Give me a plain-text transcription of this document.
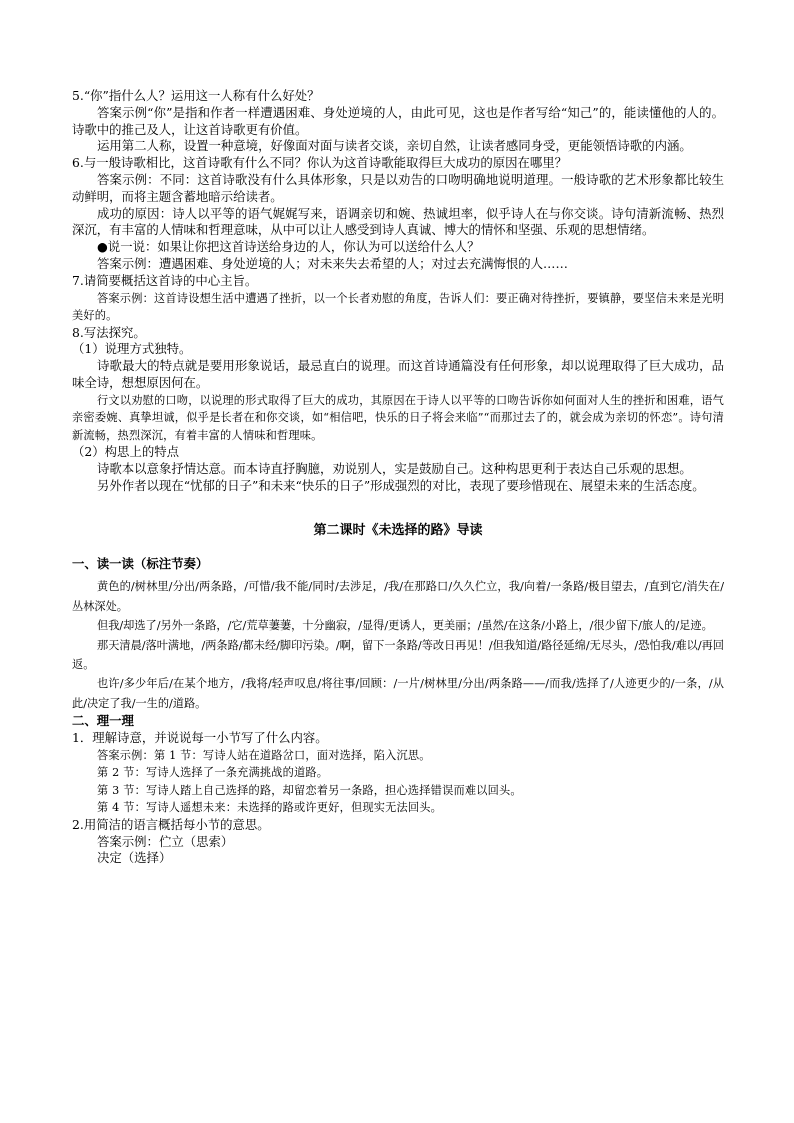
5.“你”指什么人？运用这一人称有什么好处？

答案示例“你”是指和作者一样遭遇困难、身处逆境的人，由此可见，这也是作者写给“知己”的，能读懂他的人的。诗歌中的推己及人，让这首诗歌更有价值。

运用第二人称，设置一种意境，好像面对面与读者交谈，亲切自然，让读者感同身受，更能领悟诗歌的内涵。

6.与一般诗歌相比，这首诗歌有什么不同？你认为这首诗歌能取得巨大成功的原因在哪里？

答案示例：不同：这首诗歌没有什么具体形象，只是以劝告的口吻明确地说明道理。一般诗歌的艺术形象都比较生动鲜明，而将主题含蓄地暗示给读者。

成功的原因：诗人以平等的语气娓娓写来，语调亲切和婉、热诚坦率，似乎诗人在与你交谈。诗句清新流畅、热烈深沉，有丰富的人情味和哲理意味，从中可以让人感受到诗人真诚、博大的情怀和坚强、乐观的思想情绪。

●说一说：如果让你把这首诗送给身边的人，你认为可以送给什么人？

答案示例：遭遇困难、身处逆境的人；对未来失去希望的人；对过去充满悔恨的人……

7.请简要概括这首诗的中心主旨。

答案示例：这首诗设想生活中遭遇了挫折，以一个长者劝慰的角度，告诉人们：要正确对待挫折，要镇静，要坚信未来是光明美好的。

8.写法探究。

（1）说理方式独特。

诗歌最大的特点就是要用形象说话，最忌直白的说理。而这首诗通篇没有任何形象，却以说理取得了巨大成功，品味全诗，想想原因何在。

行文以劝慰的口吻，以说理的形式取得了巨大的成功，其原因在于诗人以平等的口吻告诉你如何面对人生的挫折和困难，语气亲密委婉、真挚坦诚，似乎是长者在和你交谈，如“相信吧，快乐的日子将会来临”“而那过去了的，就会成为亲切的怀恋”。诗句清新流畅，热烈深沉，有着丰富的人情味和哲理味。

（2）构思上的特点

诗歌本以意象抒情达意。而本诗直抒胸臆，劝说别人，实是鼓励自己。这种构思更利于表达自己乐观的思想。

另外作者以现在“忧郁的日子”和未来“快乐的日子”形成强烈的对比，表现了要珍惜现在、展望未来的生活态度。

第二课时《未选择的路》导读

一、读一读（标注节奏）

黄色的/树林里/分出/两条路，/可惜/我不能/同时/去涉足，/我/在那路口/久久伫立，我/向着/一条路/极目望去，/直到它/消失在/丛林深处。

但我/却选了/另外一条路，/它/荒草萋萋，十分幽寂，/显得/更诱人，更美丽；/虽然/在这条/小路上，/很少留下/旅人的/足迹。

那天清晨/落叶满地，/两条路/都未经/脚印污染。/啊，留下一条路/等改日再见！/但我知道/路径延绵/无尽头，/恐怕我/难以/再回返。

也许/多少年后/在某个地方，/我将/轻声叹息/将往事/回顾：/一片/树林里/分出/两条路——/而我/选择了/人迹更少的/一条，/从此/决定了我/一生的/道路。

二、理一理

1．理解诗意，并说说每一小节写了什么内容。

答案示例：第 1 节：写诗人站在道路岔口，面对选择，陷入沉思。

第 2 节：写诗人选择了一条充满挑战的道路。

第 3 节：写诗人踏上自己选择的路，却留恋着另一条路，担心选择错误而难以回头。

第 4 节：写诗人遥想未来：未选择的路或许更好，但现实无法回头。

2.用简洁的语言概括每小节的意思。

答案示例：伫立（思索）

决定（选择）
